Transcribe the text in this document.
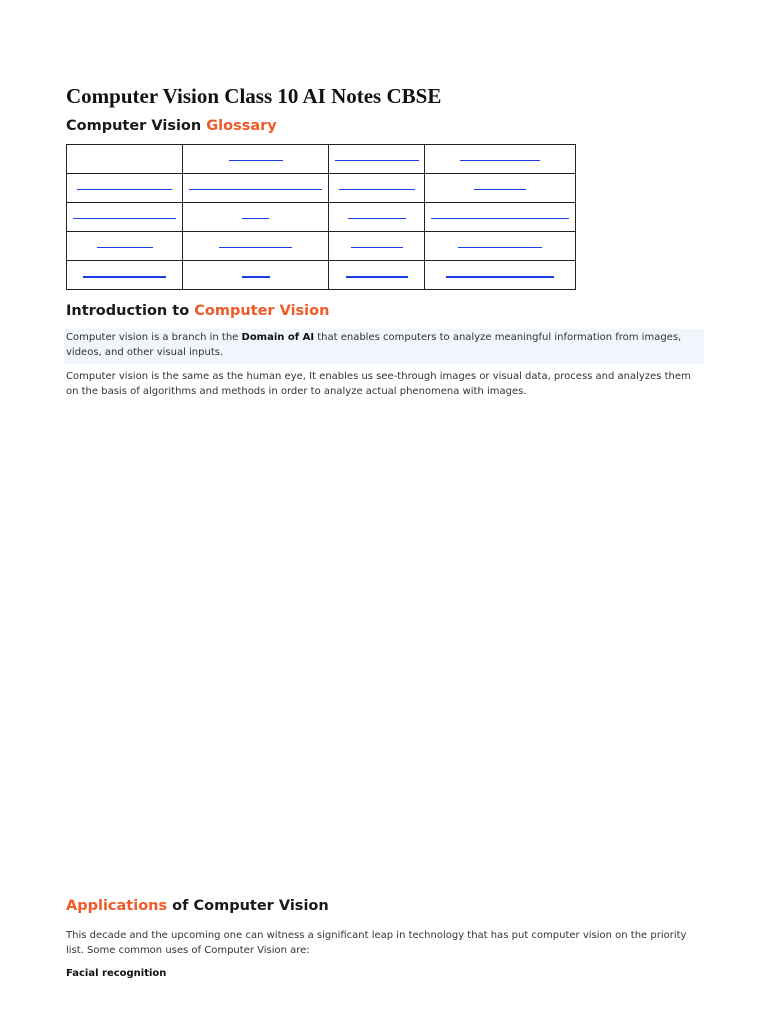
Computer Vision Class 10 AI Notes CBSE
Computer Vision Glossary

Introduction to Computer Vision

Computer vision is a branch in the Domain of AI that enables computers to analyze meaningful information from images, videos, and other visual inputs.

Computer vision is the same as the human eye, It enables us see-through images or visual data, process and analyzes them on the basis of algorithms and methods in order to analyze actual phenomena with images.

Applications of Computer Vision

This decade and the upcoming one can witness a significant leap in technology that has put computer vision on the priority list. Some common uses of Computer Vision are:

Facial recognition
